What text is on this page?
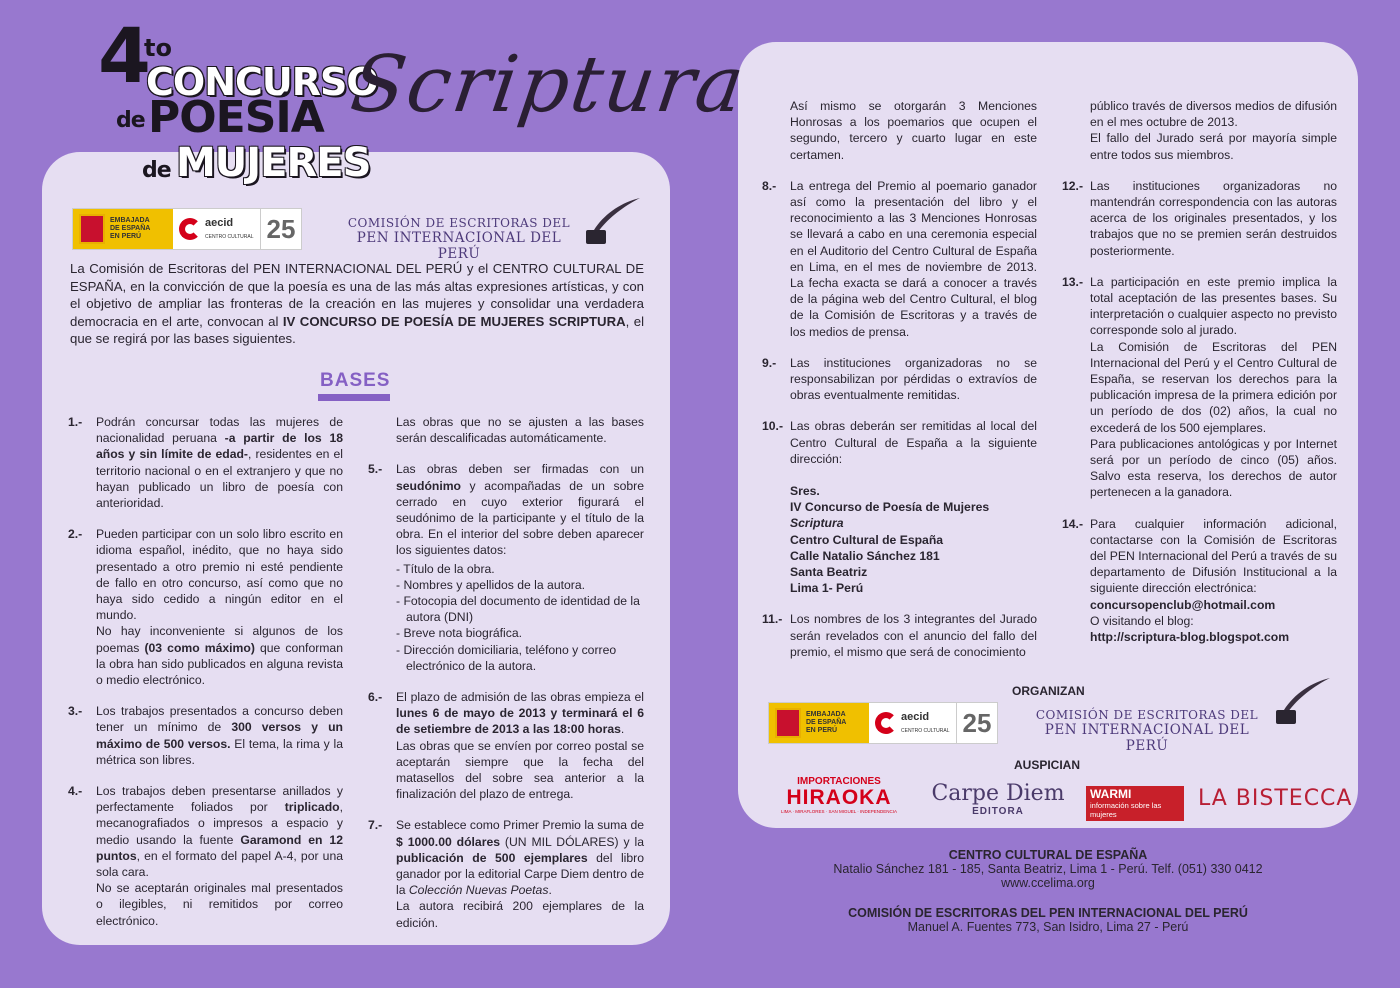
4
to
CONCURSO
de POESÍA
de MUJERES
Scriptura
EMBAJADA DE ESPAÑA EN PERÚ
aecid
CENTRO CULTURAL 25	COMISIÓN DE ESCRITORAS DEL
PEN INTERNACIONAL DEL PERÚ
La Comisión de Escritoras del PEN INTERNACIONAL DEL PERÚ y el CENTRO CULTURAL DE ESPAÑA, en la convicción de que la poesía es una de las más altas expresiones artísticas, y con el objetivo de ampliar las fronteras de la creación en las mujeres y consolidar una verdadera democracia en el arte, convocan al IV CONCURSO DE POESÍA DE MUJERES SCRIPTURA, el que se regirá por las bases siguientes.
BASES
1.- Podrán concursar todas las mujeres de nacionalidad peruana -a partir de los 18 años y sin límite de edad-, residentes en el territorio nacional o en el extranjero y que no hayan publicado un libro de poesía con anterioridad.

2.- Pueden participar con un solo libro escrito en idioma español, inédito, que no haya sido presentado a otro premio ni esté pendiente de fallo en otro concurso, así como que no haya sido cedido a ningún editor en el mundo.

No hay inconveniente si algunos de los poemas (03 como máximo) que conforman la obra han sido publicados en alguna revista o medio electrónico.

3.- Los trabajos presentados a concurso deben tener un mínimo de 300 versos y un máximo de 500 versos. El tema, la rima y la métrica son libres.

4.- Los trabajos deben presentarse anillados y perfectamente foliados por triplicado, mecanografiados o impresos a espacio y medio usando la fuente Garamond en 12 puntos, en el formato del papel A-4, por una sola cara.

No se aceptarán originales mal presentados o ilegibles, ni remitidos por correo electrónico.

Las obras que no se ajusten a las bases serán descalificadas automáticamente.

5.- Las obras deben ser firmadas con un seudónimo y acompañadas de un sobre cerrado en cuyo exterior figurará el seudónimo de la participante y el título de la obra. En el interior del sobre deben aparecer los siguientes datos:

- Título de la obra.
- Nombres y apellidos de la autora.
- Fotocopia del documento de identidad de la autora (DNI)
- Breve nota biográfica.
- Dirección domiciliaria, teléfono y correo electrónico de la autora.
6.- El plazo de admisión de las obras empieza el lunes 6 de mayo de 2013 y terminará el 6 de setiembre de 2013 a las 18:00 horas.

Las obras que se envíen por correo postal se aceptarán siempre que la fecha del matasellos del sobre sea anterior a la finalización del plazo de entrega.

7.- Se establece como Primer Premio la suma de $ 1000.00 dólares (UN MIL DÓLARES) y la publicación de 500 ejemplares del libro ganador por la editorial Carpe Diem dentro de la Colección Nuevas Poetas.

La autora recibirá 200 ejemplares de la edición.

Así mismo se otorgarán 3 Menciones Honrosas a los poemarios que ocupen el segundo, tercero y cuarto lugar en este certamen.

8.- La entrega del Premio al poemario ganador así como la presentación del libro y el reconocimiento a las 3 Menciones Honrosas se llevará a cabo en una ceremonia especial en el Auditorio del Centro Cultural de España en Lima, en el mes de noviembre de 2013. La fecha exacta se dará a conocer a través de la página web del Centro Cultural, el blog de la Comisión de Escritoras y a través de los medios de prensa.

9.- Las instituciones organizadoras no se responsabilizan por pérdidas o extravíos de obras eventualmente remitidas.

10.- Las obras deberán ser remitidas al local del Centro Cultural de España a la siguiente dirección:

Sres.
IV Concurso de Poesía de Mujeres
Scriptura
Centro Cultural de España
Calle Natalio Sánchez 181
Santa Beatriz
Lima 1- Perú

11.- Los nombres de los 3 integrantes del Jurado serán revelados con el anuncio del fallo del premio, el mismo que será de conocimiento

público través de diversos medios de difusión en el mes octubre de 2013.

El fallo del Jurado será por mayoría simple entre todos sus miembros.

12.- Las instituciones organizadoras no mantendrán correspondencia con las autoras acerca de los originales presentados, y los trabajos que no se premien serán destruidos posteriormente.

13.- La participación en este premio implica la total aceptación de las presentes bases. Su interpretación o cualquier aspecto no previsto corresponde solo al jurado.

La Comisión de Escritoras del PEN Internacional del Perú y el Centro Cultural de España, se reservan los derechos para la publicación impresa de la primera edición por un período de dos (02) años, la cual no excederá de los 500 ejemplares.

Para publicaciones antológicas y por Internet será por un período de cinco (05) años. Salvo esta reserva, los derechos de autor pertenecen a la ganadora.

14.- Para cualquier información adicional, contactarse con la Comisión de Escritoras del PEN Internacional del Perú a través de su departamento de Difusión Institucional a la siguiente dirección electrónica:

concursopenclub@hotmail.com

O visitando el blog:

http://scriptura-blog.blogspot.com

ORGANIZAN
EMBAJADA DE ESPAÑA EN PERÚ
aecid
CENTRO CULTURAL 25	COMISIÓN DE ESCRITORAS DEL
PEN INTERNACIONAL DEL PERÚ
AUSPICIAN
IMPORTACIONES
HIRAOKA
LIMA · MIRAFLORES · SAN MIGUEL · INDEPENDENCIA
Carpe Diem
EDITORA
WARMI
información sobre las mujeres
LA BISTECCA
CENTRO CULTURAL DE ESPAÑA
Natalio Sánchez 181 - 185, Santa Beatriz, Lima 1 - Perú. Telf. (051) 330 0412
www.ccelima.org
COMISIÓN DE ESCRITORAS DEL PEN INTERNACIONAL DEL PERÚ
Manuel A. Fuentes 773, San Isidro, Lima 27 - Perú
